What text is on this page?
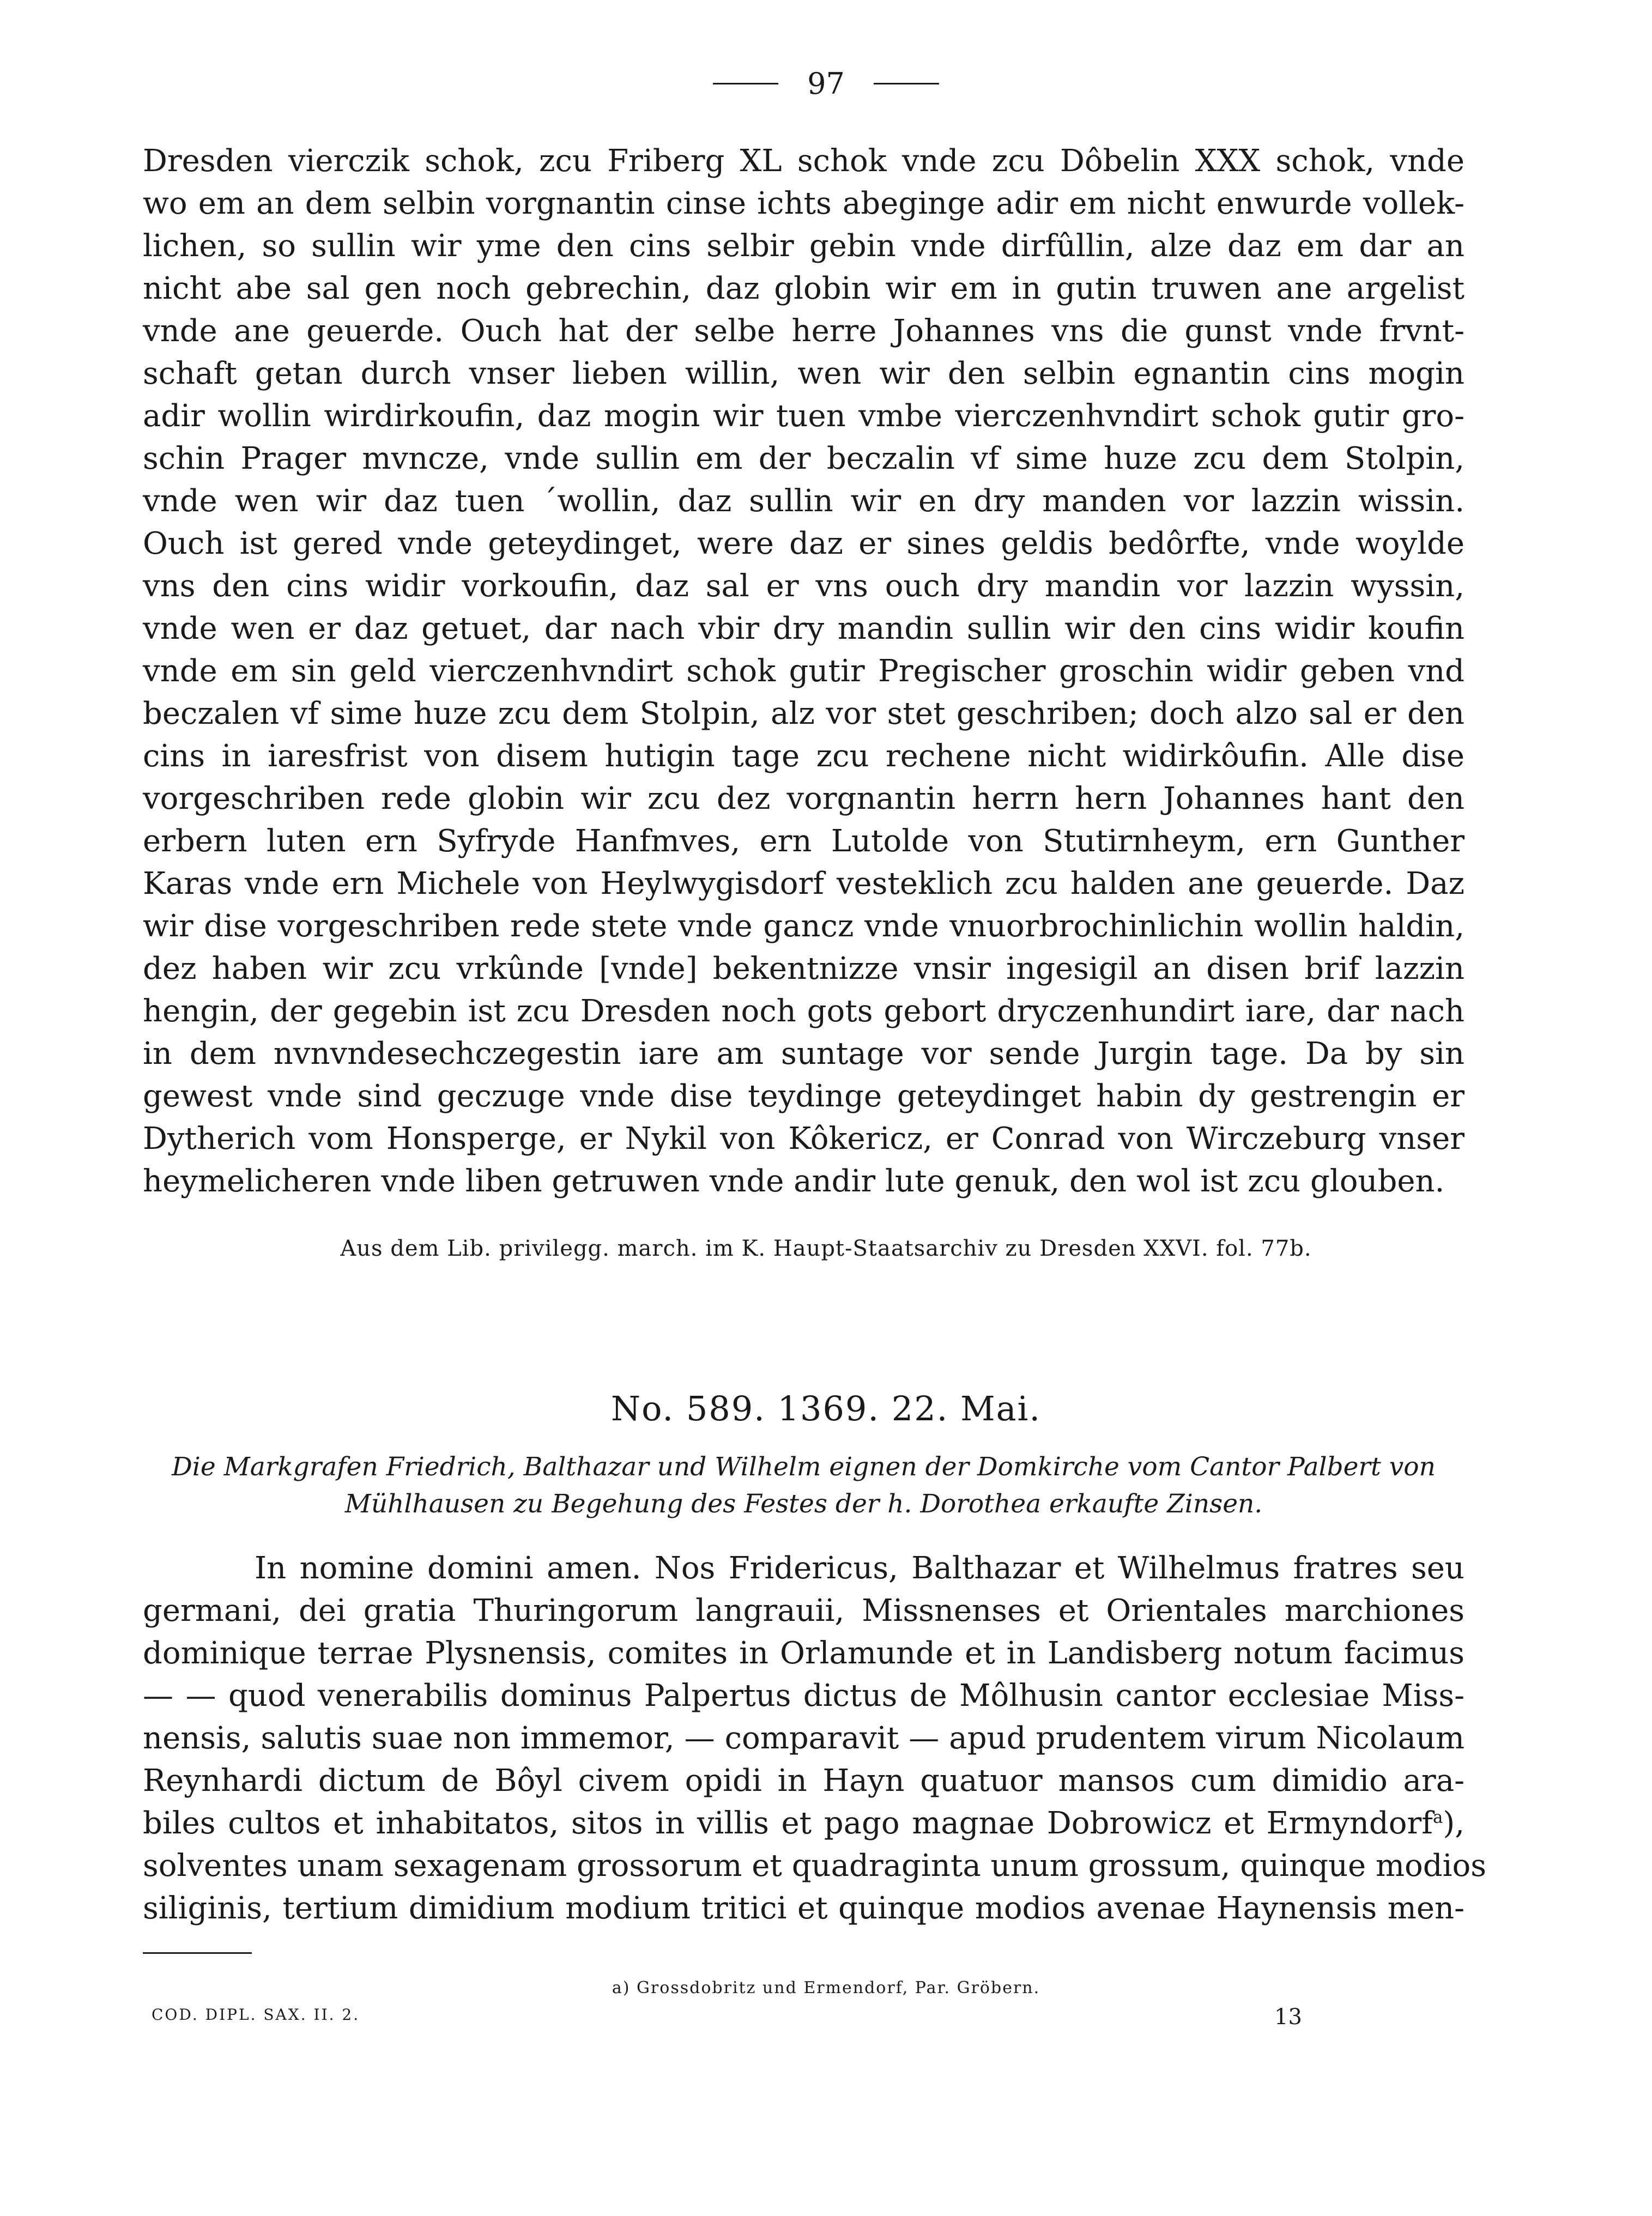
97
Dresden vierczik schok, zcu Friberg XL schok vnde zcu Dôbelin XXX schok, vnde
wo em an dem selbin vorgnantin cinse ichts abeginge adir em nicht enwurde vollek-
lichen, so sullin wir yme den cins selbir gebin vnde dirfûllin, alze daz em dar an
nicht abe sal gen noch gebrechin, daz globin wir em in gutin truwen ane argelist
vnde ane geuerde. Ouch hat der selbe herre Johannes vns die gunst vnde frvnt-
schaft getan durch vnser lieben willin, wen wir den selbin egnantin cins mogin
adir wollin wirdirkoufin, daz mogin wir tuen vmbe vierczenhvndirt schok gutir gro-
schin Prager mvncze, vnde sullin em der beczalin vf sime huze zcu dem Stolpin,
vnde wen wir daz tuen ´wollin, daz sullin wir en dry manden vor lazzin wissin.
Ouch ist gered vnde geteydinget, were daz er sines geldis bedôrfte, vnde woylde
vns den cins widir vorkoufin, daz sal er vns ouch dry mandin vor lazzin wyssin,
vnde wen er daz getuet, dar nach vbir dry mandin sullin wir den cins widir koufin
vnde em sin geld vierczenhvndirt schok gutir Pregischer groschin widir geben vnd
beczalen vf sime huze zcu dem Stolpin, alz vor stet geschriben; doch alzo sal er den
cins in iaresfrist von disem hutigin tage zcu rechene nicht widirkôufin. Alle dise
vorgeschriben rede globin wir zcu dez vorgnantin herrn hern Johannes hant den
erbern luten ern Syfryde Hanfmves, ern Lutolde von Stutirnheym, ern Gunther
Karas vnde ern Michele von Heylwygisdorf vesteklich zcu halden ane geuerde. Daz
wir dise vorgeschriben rede stete vnde gancz vnde vnuorbrochinlichin wollin haldin,
dez haben wir zcu vrkûnde [vnde] bekentnizze vnsir ingesigil an disen brif lazzin
hengin, der gegebin ist zcu Dresden noch gots gebort dryczenhundirt iare, dar nach
in dem nvnvndesechczegestin iare am suntage vor sende Jurgin tage. Da by sin
gewest vnde sind geczuge vnde dise teydinge geteydinget habin dy gestrengin er
Dytherich vom Honsperge, er Nykil von Kôkericz, er Conrad von Wirczeburg vnser
heymelicheren vnde liben getruwen vnde andir lute genuk, den wol ist zcu glouben.
Aus dem Lib. privilegg. march. im K. Haupt-Staatsarchiv zu Dresden XXVI. fol. 77b.
No. 589. 1369. 22. Mai.
Die Markgrafen Friedrich, Balthazar und Wilhelm eignen der Domkirche vom Cantor Palbert von
Mühlhausen zu Begehung des Festes der h. Dorothea erkaufte Zinsen.
In nomine domini amen. Nos Fridericus, Balthazar et Wilhelmus fratres seu
germani, dei gratia Thuringorum langrauii, Missnenses et Orientales marchiones
dominique terrae Plysnensis, comites in Orlamunde et in Landisberg notum facimus
— — quod venerabilis dominus Palpertus dictus de Môlhusin cantor ecclesiae Miss-
nensis, salutis suae non immemor, — comparavit — apud prudentem virum Nicolaum
Reynhardi dictum de Bôyl civem opidi in Hayn quatuor mansos cum dimidio ara-
biles cultos et inhabitatos, sitos in villis et pago magnae Dobrowicz et Ermyndorf$^a$),
solventes unam sexagenam grossorum et quadraginta unum grossum, quinque modios
siliginis, tertium dimidium modium tritici et quinque modios avenae Haynensis men-
a) Grossdobritz und Ermendorf, Par. Gröbern.
COD. DIPL. SAX. II. 2.	13
